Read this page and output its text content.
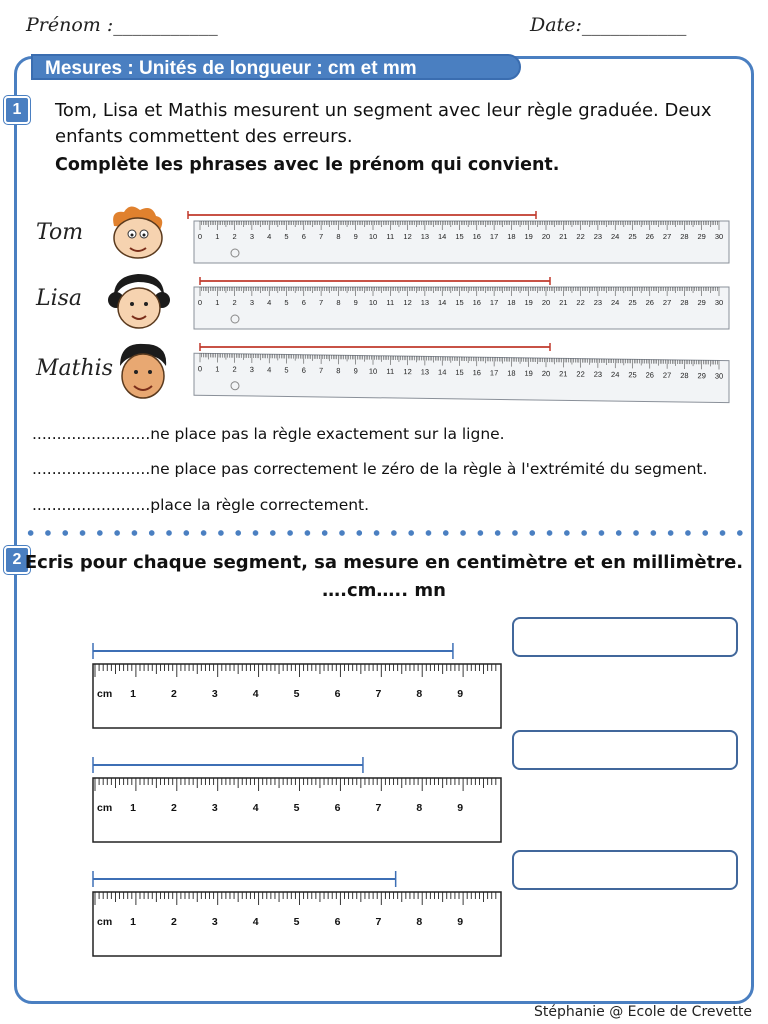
Prénom :___________	Date:___________
Mesures : Unités de longueur : cm et mm
1	Tom, Lisa et Mathis mesurent un segment avec leur règle graduée. Deux enfants commettent des erreurs.
Complète les phrases avec le prénom qui convient.
Tom
Lisa
Mathis
0 1 2 3 4 5 6 7 8 9 10 11 12 13 14 15 16 17 18 19 20 21 22 23 24 25 26 27 28 29 30
0 1 2 3 4 5 6 7 8 9 10 11 12 13 14 15 16 17 18 19 20 21 22 23 24 25 26 27 28 29 30
0 1 2 3 4 5 6 7 8 9 10 11 12 13 14 15 16 17 18 19 20 21 22 23 24 25 26 27 28 29 30
........................ne place pas la règle exactement sur la ligne.
........................ne place pas correctement le zéro de la règle à l'extrémité du segment.
........................place la règle correctement.
2 Ecris pour chaque segment, sa mesure en centimètre et en millimètre.
….cm….. mn
cm 1	2	3	4	5	6	7	8	9
cm 1	2	3	4	5	6	7	8	9
cm 1	2	3	4	5	6	7	8	9
Stéphanie @ Ecole de Crevette
